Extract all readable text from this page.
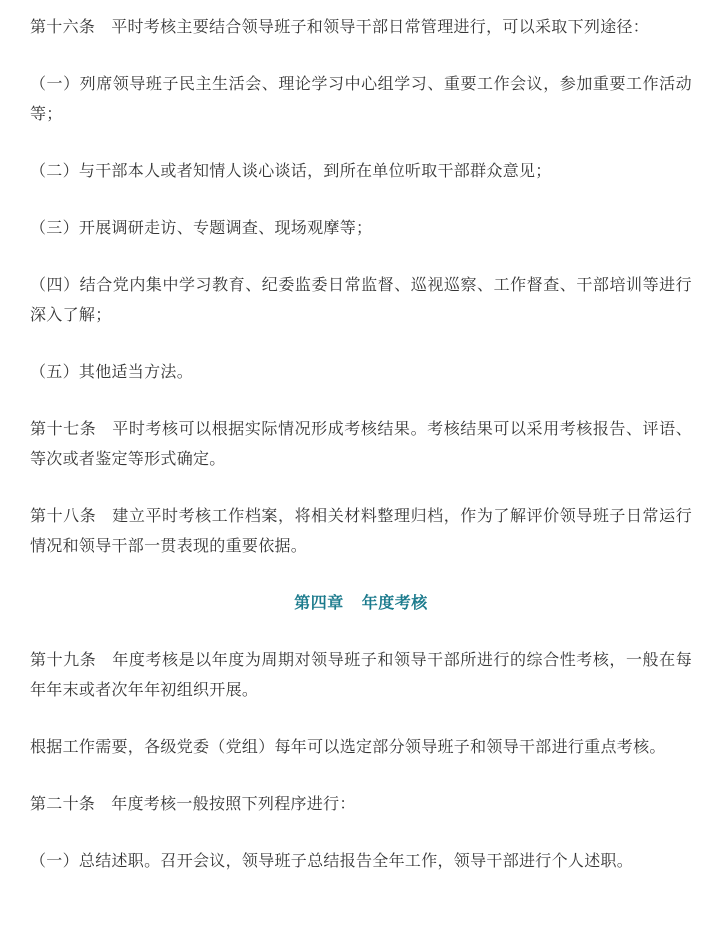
第十六条 平时考核主要结合领导班子和领导干部日常管理进行，可以采取下列途径：

（一）列席领导班子民主生活会、理论学习中心组学习、重要工作会议，参加重要工作活动等；

（二）与干部本人或者知情人谈心谈话，到所在单位听取干部群众意见；

（三）开展调研走访、专题调查、现场观摩等；

（四）结合党内集中学习教育、纪委监委日常监督、巡视巡察、工作督查、干部培训等进行深入了解；

（五）其他适当方法。

第十七条 平时考核可以根据实际情况形成考核结果。考核结果可以采用考核报告、评语、等次或者鉴定等形式确定。

第十八条 建立平时考核工作档案，将相关材料整理归档，作为了解评价领导班子日常运行情况和领导干部一贯表现的重要依据。

第四章 年度考核

第十九条 年度考核是以年度为周期对领导班子和领导干部所进行的综合性考核，一般在每年年末或者次年年初组织开展。

根据工作需要，各级党委（党组）每年可以选定部分领导班子和领导干部进行重点考核。

第二十条 年度考核一般按照下列程序进行：

（一）总结述职。召开会议，领导班子总结报告全年工作，领导干部进行个人述职。
